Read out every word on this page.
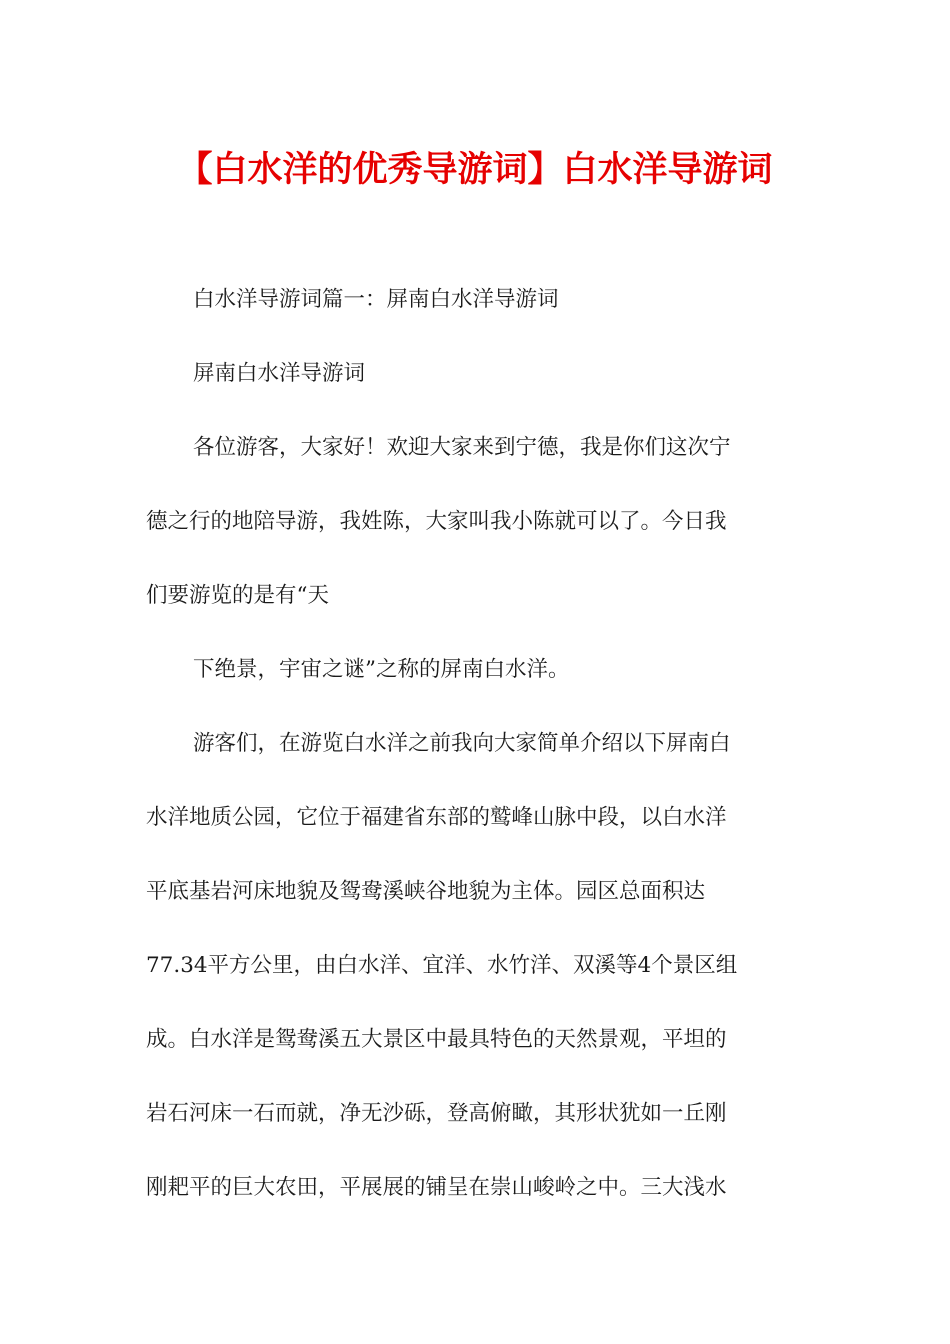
【白水洋的优秀导游词】白水洋导游词
白水洋导游词篇一：屏南白水洋导游词
屏南白水洋导游词
各位游客，大家好！欢迎大家来到宁德，我是你们这次宁
德之行的地陪导游，我姓陈，大家叫我小陈就可以了。今日我
们要游览的是有“天
下绝景，宇宙之谜”之称的屏南白水洋。
游客们，在游览白水洋之前我向大家简单介绍以下屏南白
水洋地质公园，它位于福建省东部的鹫峰山脉中段，以白水洋
平底基岩河床地貌及鸳鸯溪峡谷地貌为主体。园区总面积达
77.34平方公里，由白水洋、宜洋、水竹洋、双溪等4个景区组
成。白水洋是鸳鸯溪五大景区中最具特色的天然景观，平坦的
岩石河床一石而就，净无沙砾，登高俯瞰，其形状犹如一丘刚
刚耙平的巨大农田，平展展的铺呈在崇山峻岭之中。三大浅水
